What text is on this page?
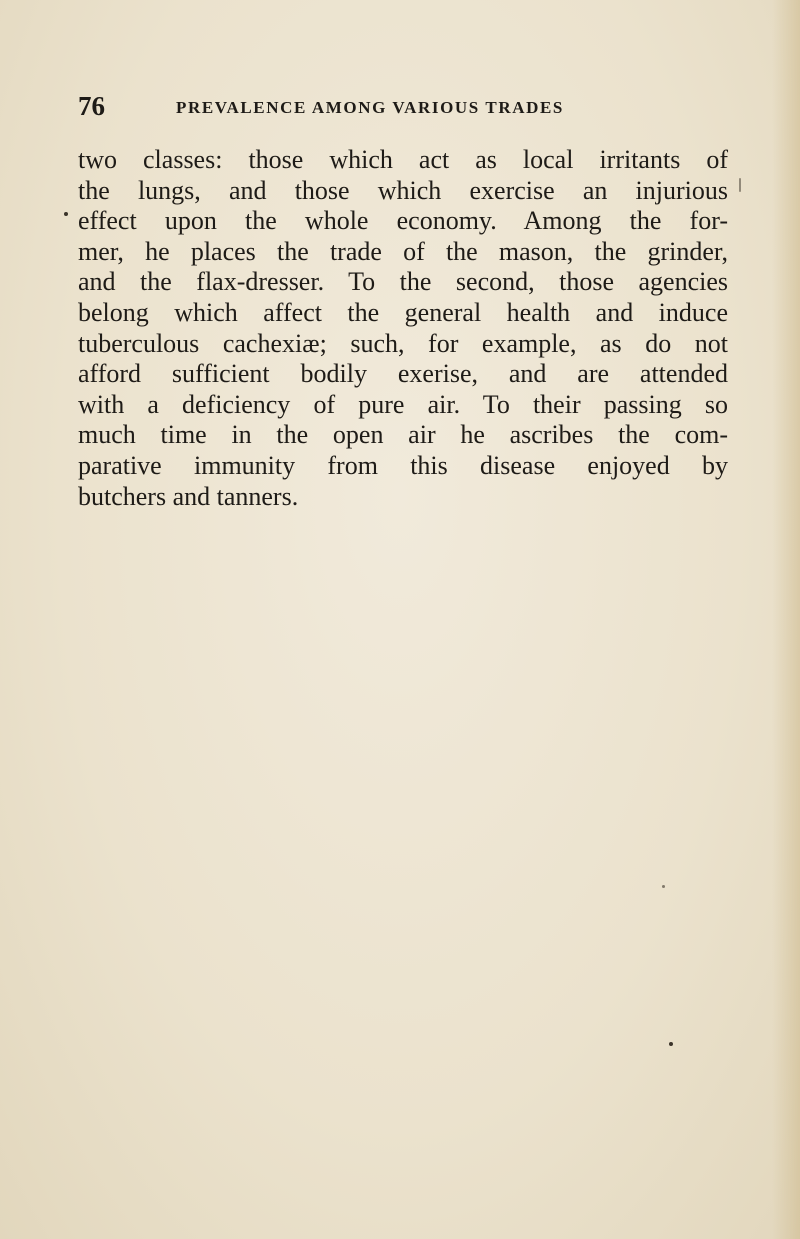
76	PREVALENCE AMONG VARIOUS TRADES
two classes: those which act as local irritants of
the lungs, and those which exercise an injurious
effect upon the whole economy. Among the for-
mer, he places the trade of the mason, the grinder,
and the flax-dresser. To the second, those agencies
belong which affect the general health and induce
tuberculous cachexiæ; such, for example, as do not
afford sufficient bodily exerise, and are attended
with a deficiency of pure air. To their passing so
much time in the open air he ascribes the com-
parative immunity from this disease enjoyed by
butchers and tanners.
